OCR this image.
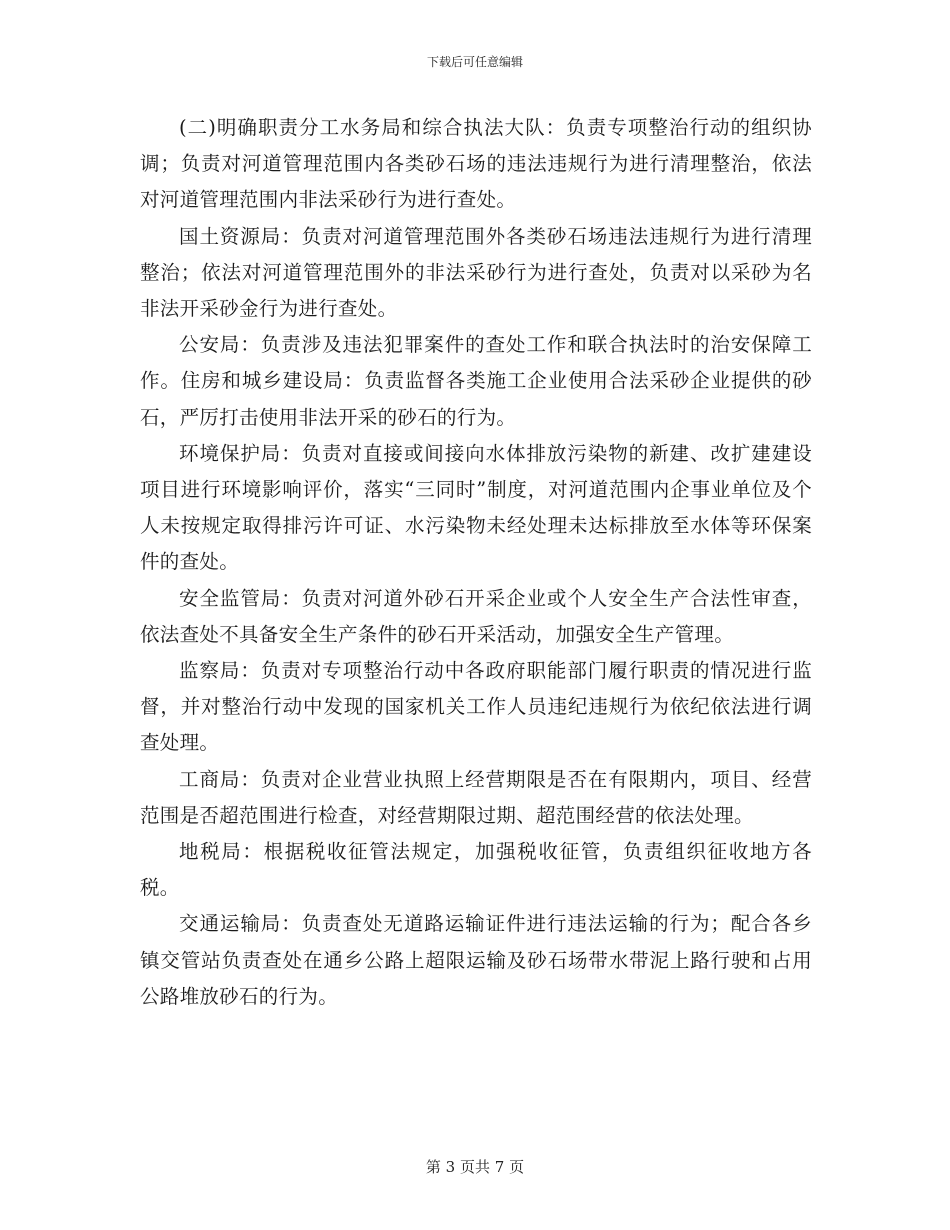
下载后可任意编辑

(二)明确职责分工水务局和综合执法大队：负责专项整治行动的组织协调；负责对河道管理范围内各类砂石场的违法违规行为进行清理整治，依法对河道管理范围内非法采砂行为进行查处。

国土资源局：负责对河道管理范围外各类砂石场违法违规行为进行清理整治；依法对河道管理范围外的非法采砂行为进行查处，负责对以采砂为名非法开采砂金行为进行查处。

公安局：负责涉及违法犯罪案件的查处工作和联合执法时的治安保障工作。住房和城乡建设局：负责监督各类施工企业使用合法采砂企业提供的砂石，严厉打击使用非法开采的砂石的行为。

环境保护局：负责对直接或间接向水体排放污染物的新建、改扩建建设项目进行环境影响评价，落实“三同时”制度，对河道范围内企事业单位及个人未按规定取得排污许可证、水污染物未经处理未达标排放至水体等环保案件的查处。

安全监管局：负责对河道外砂石开采企业或个人安全生产合法性审查，依法查处不具备安全生产条件的砂石开采活动，加强安全生产管理。

监察局：负责对专项整治行动中各政府职能部门履行职责的情况进行监督，并对整治行动中发现的国家机关工作人员违纪违规行为依纪依法进行调查处理。

工商局：负责对企业营业执照上经营期限是否在有限期内，项目、经营范围是否超范围进行检查，对经营期限过期、超范围经营的依法处理。

地税局：根据税收征管法规定，加强税收征管，负责组织征收地方各税。

交通运输局：负责查处无道路运输证件进行违法运输的行为；配合各乡镇交管站负责查处在通乡公路上超限运输及砂石场带水带泥上路行驶和占用公路堆放砂石的行为。

第 3 页共 7 页
